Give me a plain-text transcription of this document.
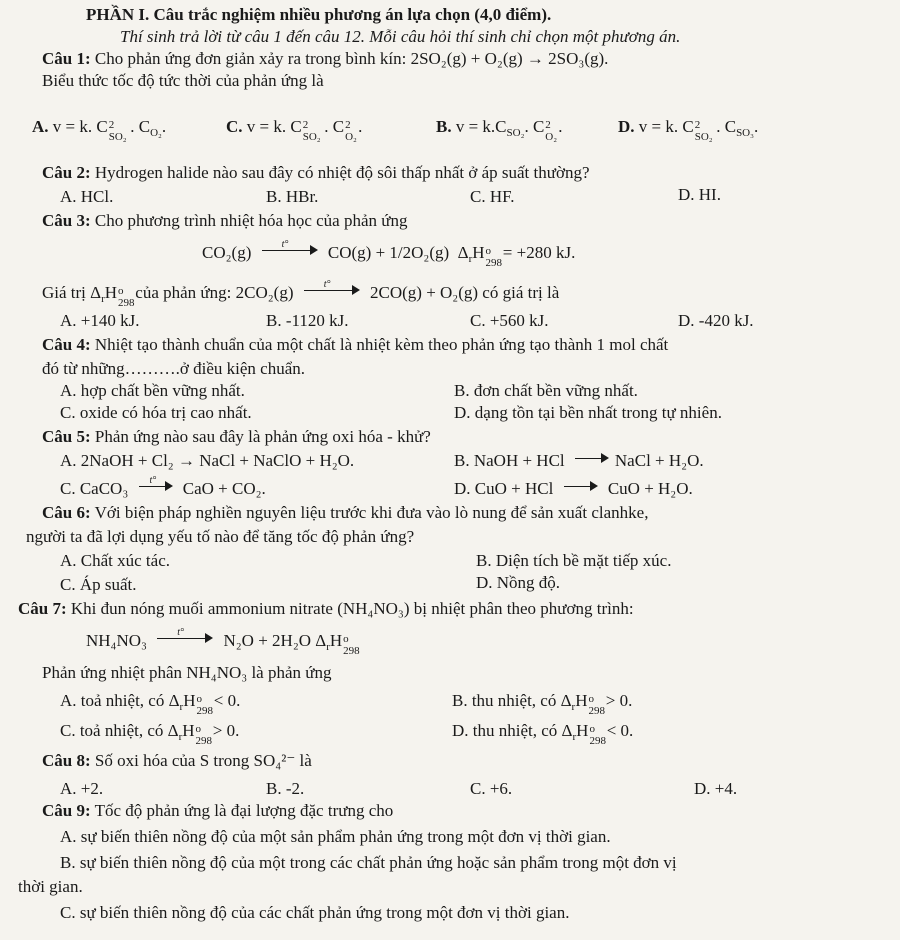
PHẦN I. Câu trắc nghiệm nhiều phương án lựa chọn (4,0 điểm).
Thí sinh trả lời từ câu 1 đến câu 12. Mỗi câu hỏi thí sinh chỉ chọn một phương án.
Câu 1: Cho phản ứng đơn giản xảy ra trong bình kín: 2SO₂(g) + O₂(g) → 2SO₃(g).
Biểu thức tốc độ tức thời của phản ứng là
A. v = k. C 2
SO₂
. $C_{O_2}$.	C. v = k. C 2
SO₂
. C 2
O₂
.	B. $v = k.C_{SO_2}$. C 2
O₂
.	D. v = k. C 2
SO₂
. $C_{SO_3}$.
Câu 2: Hydrogen halide nào sau đây có nhiệt độ sôi thấp nhất ở áp suất thường?
A. HCl.	B. HBr.	C. HF.	D. HI.
Câu 3: Cho phương trình nhiệt hóa học của phản ứng
CO₂(g)	t° CO(g) + 1/2O₂(g) $\Delta_rH$ o
298
= +280 kJ.
Giá trị $\Delta_rH$ o
298
của phản ứng: 2CO₂(g)	t° 2CO(g) + O₂(g) có giá trị là
A. +140 kJ.	B. -1120 kJ.	C. +560 kJ.	D. -420 kJ.
Câu 4: Nhiệt tạo thành chuẩn của một chất là nhiệt kèm theo phản ứng tạo thành 1 mol chất
đó từ những……….ở điều kiện chuẩn.
A. hợp chất bền vững nhất.	B. đơn chất bền vững nhất.
C. oxide có hóa trị cao nhất.	D. dạng tồn tại bền nhất trong tự nhiên.
Câu 5: Phản ứng nào sau đây là phản ứng oxi hóa - khử?
A. 2NaOH + Cl₂ → NaCl + NaClO + H₂O.	B. NaOH + HCl	NaCl + H₂O.
C. CaCO₃ t° CaO + CO₂.	D. CuO + HCl	CuO + H₂O.
Câu 6: Với biện pháp nghiền nguyên liệu trước khi đưa vào lò nung để sản xuất clanhke,
người ta đã lợi dụng yếu tố nào để tăng tốc độ phản ứng?
A. Chất xúc tác.	B. Diện tích bề mặt tiếp xúc.
C. Áp suất.	D. Nồng độ.
Câu 7: Khi đun nóng muối ammonium nitrate (NH₄NO₃) bị nhiệt phân theo phương trình:
NH₄NO₃	t° N₂O + 2H₂O $\Delta_rH$ o
298
Phản ứng nhiệt phân NH₄NO₃ là phản ứng
A. toả nhiệt, có $\Delta_rH$ o
298
< 0.	B. thu nhiệt, có $\Delta_rH$ o
298
> 0.
C. toả nhiệt, có $\Delta_rH$ o
298
> 0.	D. thu nhiệt, có $\Delta_rH$ o
298
< 0.
Câu 8: Số oxi hóa của S trong SO₄²⁻ là
A. +2.	B. -2.	C. +6.	D. +4.
Câu 9: Tốc độ phản ứng là đại lượng đặc trưng cho
A. sự biến thiên nồng độ của một sản phẩm phản ứng trong một đơn vị thời gian.
B. sự biến thiên nồng độ của một trong các chất phản ứng hoặc sản phẩm trong một đơn vị
thời gian.
C. sự biến thiên nồng độ của các chất phản ứng trong một đơn vị thời gian.
